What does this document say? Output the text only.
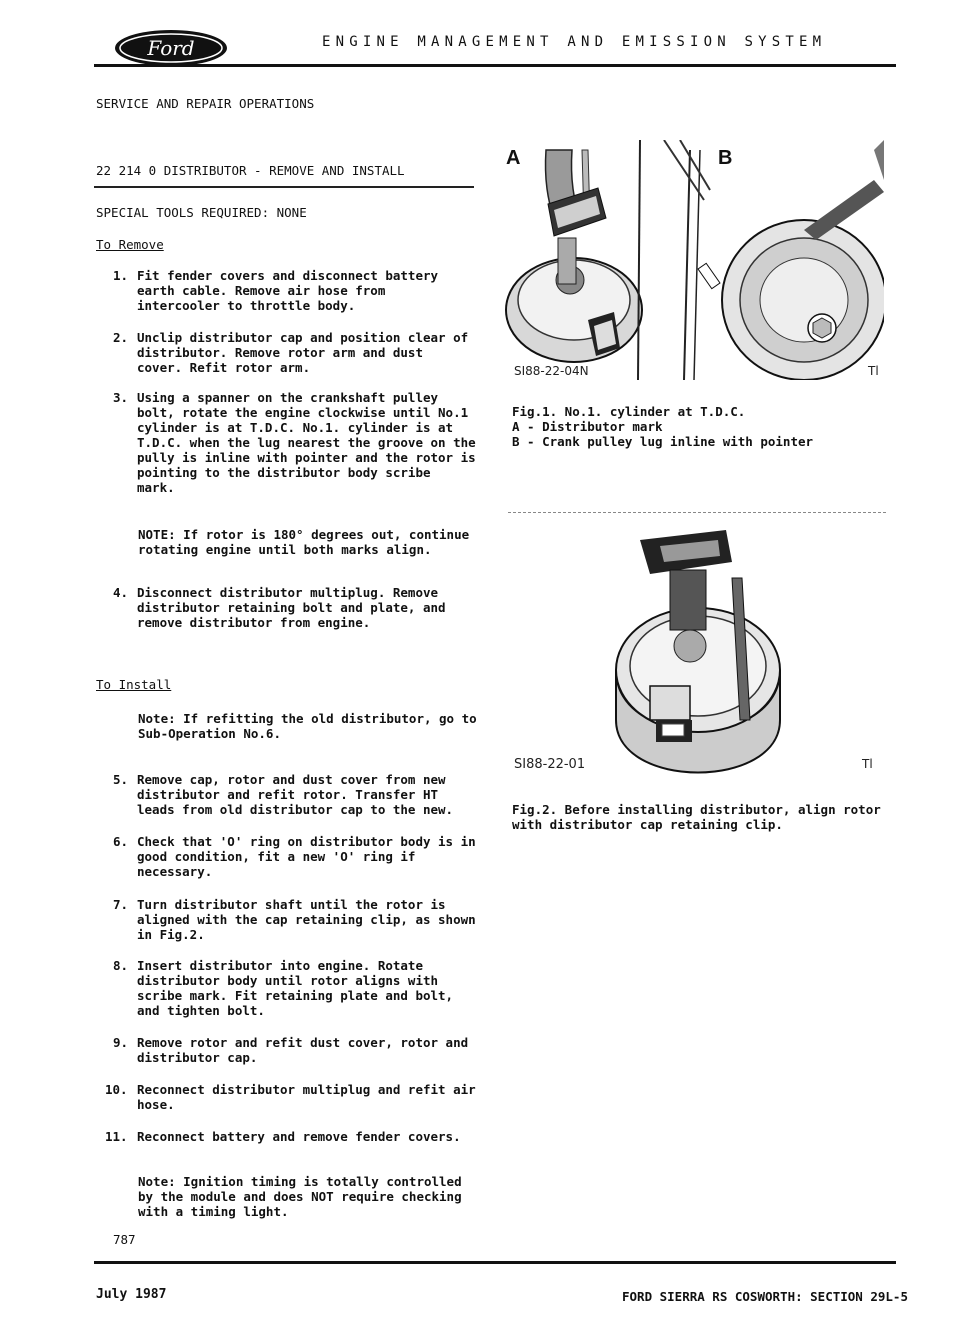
Ford	ENGINE MANAGEMENT AND EMISSION SYSTEM
SERVICE AND REPAIR OPERATIONS
22 214 0 DISTRIBUTOR - REMOVE AND INSTALL
SPECIAL TOOLS REQUIRED: NONE
To Remove
1. Fit fender covers and disconnect battery
earth cable. Remove air hose from
intercooler to throttle body.
2. Unclip distributor cap and position clear of
distributor. Remove rotor arm and dust
cover. Refit rotor arm.
3. Using a spanner on the crankshaft pulley
bolt, rotate the engine clockwise until No.1
cylinder is at T.D.C. No.1. cylinder is at
T.D.C. when the lug nearest the groove on the
pully is inline with pointer and the rotor is
pointing to the distributor body scribe
mark.
NOTE: If rotor is 180° degrees out, continue
rotating engine until both marks align.
4. Disconnect distributor multiplug. Remove
distributor retaining bolt and plate, and
remove distributor from engine.
To Install
Note: If refitting the old distributor, go to
Sub-Operation No.6.
5. Remove cap, rotor and dust cover from new
distributor and refit rotor. Transfer HT
leads from old distributor cap to the new.
6. Check that 'O' ring on distributor body is in
good condition, fit a new 'O' ring if
necessary.
7. Turn distributor shaft until the rotor is
aligned with the cap retaining clip, as shown
in Fig.2.
8. Insert distributor into engine. Rotate
distributor body until rotor aligns with
scribe mark. Fit retaining plate and bolt,
and tighten bolt.
9. Remove rotor and refit dust cover, rotor and
distributor cap.
10. Reconnect distributor multiplug and refit air
hose.
11. Reconnect battery and remove fender covers.
Note: Ignition timing is totally controlled
by the module and does NOT require checking
with a timing light.
787
A	B
SI88-22-04N	Tl
Fig.1. No.1. cylinder at T.D.C.
A - Distributor mark
B - Crank pulley lug inline with pointer
SI88-22-01	Tl
Fig.2. Before installing distributor, align rotor
with distributor cap retaining clip.
July 1987	FORD SIERRA RS COSWORTH: SECTION 29L-5
